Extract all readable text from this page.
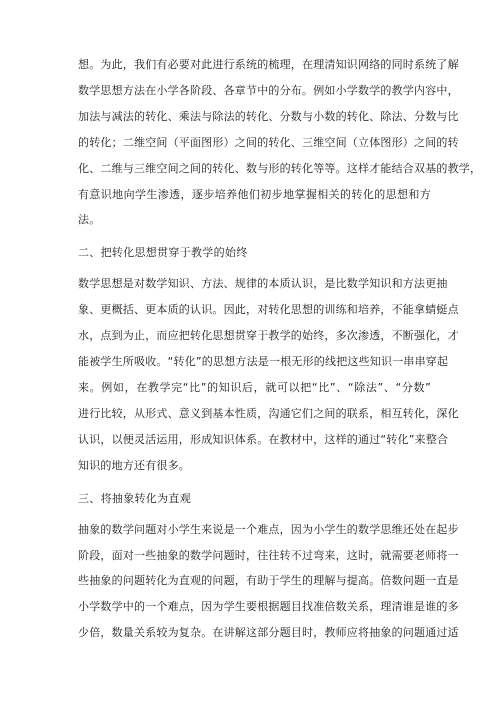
想。为此，我们有必要对此进行系统的梳理，在理清知识网络的同时系统了解
数学思想方法在小学各阶段、各章节中的分布。例如小学数学的教学内容中，
加法与减法的转化、乘法与除法的转化、分数与小数的转化、除法、分数与比
的转化；二维空间（平面图形）之间的转化、三维空间（立体图形）之间的转
化、二维与三维空间之间的转化、数与形的转化等等。这样才能结合双基的教学，
有意识地向学生渗透，逐步培养他们初步地掌握相关的转化的思想和方
法。
二、把转化思想贯穿于教学的始终
数学思想是对数学知识、方法、规律的本质认识，是比数学知识和方法更抽
象、更概括、更本质的认识。因此，对转化思想的训练和培养，不能拿蜻蜓点
水，点到为止，而应把转化思想贯穿于教学的始终，多次渗透，不断强化，才
能被学生所吸收。“转化”的思想方法是一根无形的线把这些知识一串串穿起
来。例如，在教学完“比”的知识后，就可以把“比”、“除法”、“分数”
进行比较，从形式、意义到基本性质，沟通它们之间的联系，相互转化，深化
认识，以便灵活运用，形成知识体系。在教材中，这样的通过“转化”来整合
知识的地方还有很多。
三、将抽象转化为直观
抽象的数学问题对小学生来说是一个难点，因为小学生的数学思维还处在起步
阶段，面对一些抽象的数学问题时，往往转不过弯来，这时，就需要老师将一
些抽象的问题转化为直观的问题，有助于学生的理解与提高。倍数问题一直是
小学数学中的一个难点，因为学生要根据题目找准倍数关系，理清谁是谁的多
少倍，数量关系较为复杂。在讲解这部分题目时，教师应将抽象的问题通过适
